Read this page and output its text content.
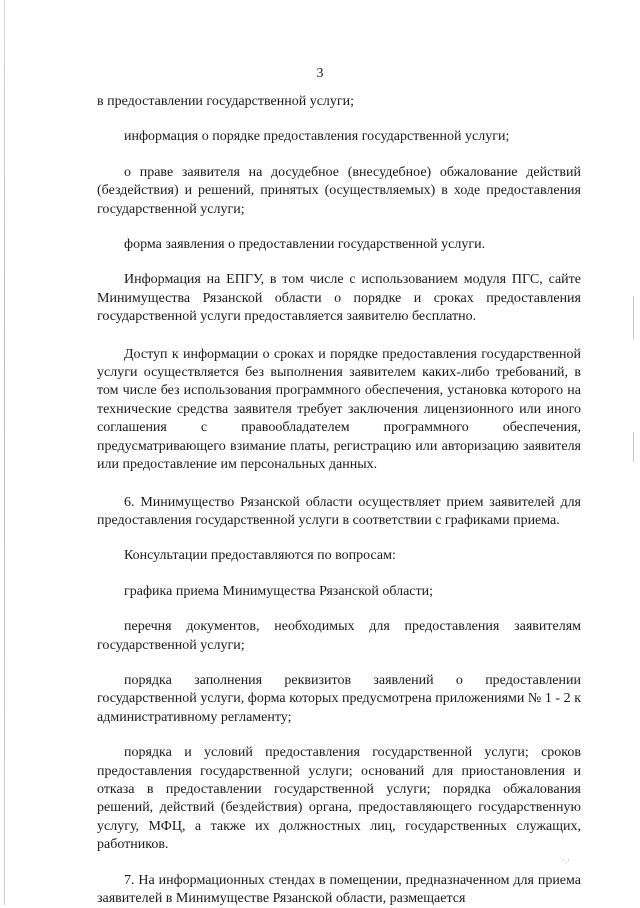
3

в предоставлении государственной услуги;

информация о порядке предоставления государственной услуги;

о праве заявителя на досудебное (внесудебное) обжалование действий (бездействия) и решений, принятых (осуществляемых) в ходе предоставления государственной услуги;

форма заявления о предоставлении государственной услуги.

Информация на ЕПГУ, в том числе с использованием модуля ПГС, сайте Минимущества Рязанской области о порядке и сроках предоставления государственной услуги предоставляется заявителю бесплатно.

Доступ к информации о сроках и порядке предоставления государственной услуги осуществляется без выполнения заявителем каких-либо требований, в том числе без использования программного обеспечения, установка которого на технические средства заявителя требует заключения лицензионного или иного соглашения с правообладателем программного обеспечения, предусматривающего взимание платы, регистрацию или авторизацию заявителя или предоставление им персональных данных.

6. Минимущество Рязанской области осуществляет прием заявителей для предоставления государственной услуги в соответствии с графиками приема.

Консультации предоставляются по вопросам:

графика приема Минимущества Рязанской области;

перечня документов, необходимых для предоставления заявителям государственной услуги;

порядка заполнения реквизитов заявлений о предоставлении государственной услуги, форма которых предусмотрена приложениями № 1 - 2 к административному регламенту;

порядка и условий предоставления государственной услуги; сроков предоставления государственной услуги; оснований для приостановления и отказа в предоставлении государственной услуги; порядка обжалования решений, действий (бездействия) органа, предоставляющего государственную услугу, МФЦ, а также их должностных лиц, государственных служащих, работников.

7. На информационных стендах в помещении, предназначенном для приема заявителей в Минимуществе Рязанской области, размещается

·.·
